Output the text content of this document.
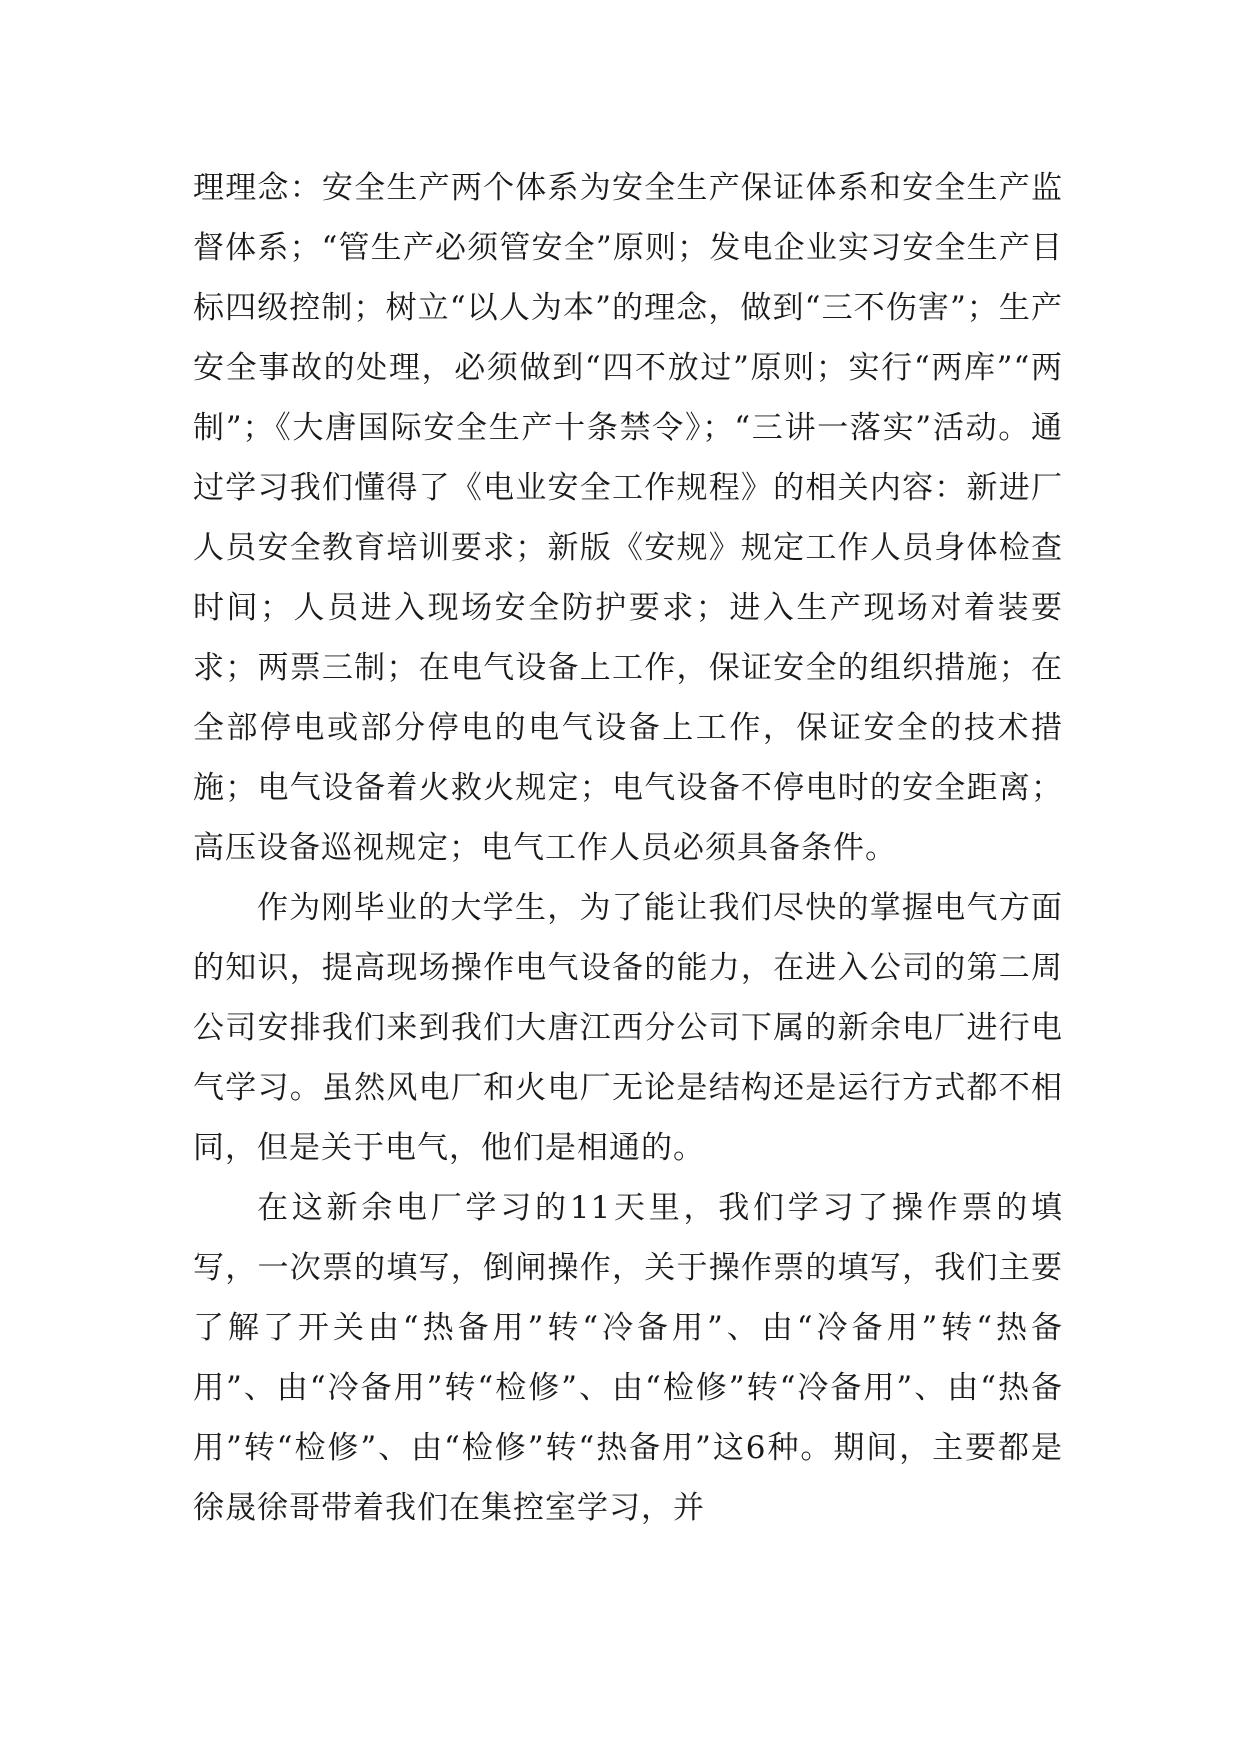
理理念：安全生产两个体系为安全生产保证体系和安全生产监督体系；“管生产必须管安全”原则；发电企业实习安全生产目标四级控制；树立“以人为本”的理念，做到“三不伤害”；生产安全事故的处理，必须做到“四不放过”原则；实行“两库”“两制”；《大唐国际安全生产十条禁令》；“三讲一落实”活动。通过学习我们懂得了《电业安全工作规程》的相关内容：新进厂人员安全教育培训要求；新版《安规》规定工作人员身体检查时间；人员进入现场安全防护要求；进入生产现场对着装要求；两票三制；在电气设备上工作，保证安全的组织措施；在全部停电或部分停电的电气设备上工作，保证安全的技术措施；电气设备着火救火规定；电气设备不停电时的安全距离；高压设备巡视规定；电气工作人员必须具备条件。

作为刚毕业的大学生，为了能让我们尽快的掌握电气方面的知识，提高现场操作电气设备的能力，在进入公司的第二周公司安排我们来到我们大唐江西分公司下属的新余电厂进行电气学习。虽然风电厂和火电厂无论是结构还是运行方式都不相同，但是关于电气，他们是相通的。

在这新余电厂学习的11天里，我们学习了操作票的填写，一次票的填写，倒闸操作，关于操作票的填写，我们主要了解了开关由“热备用”转“冷备用”、由“冷备用”转“热备用”、由“冷备用”转“检修”、由“检修”转“冷备用”、由“热备用”转“检修”、由“检修”转“热备用”这6种。期间，主要都是徐晟徐哥带着我们在集控室学习，并
